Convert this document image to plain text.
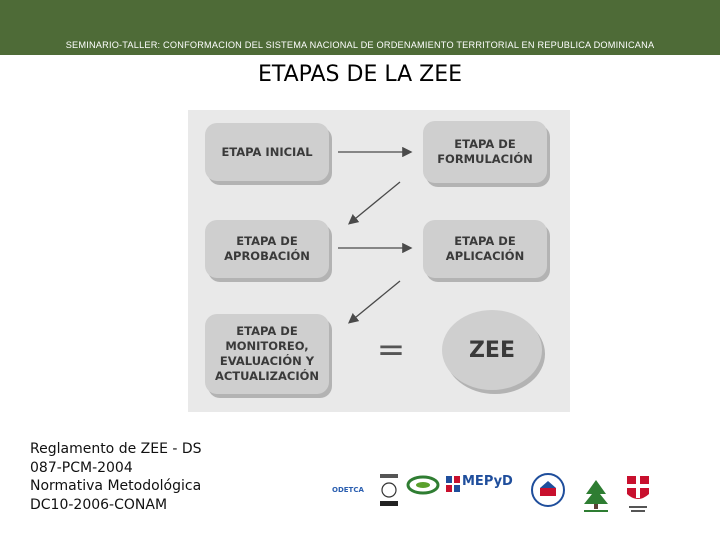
SEMINARIO-TALLER: CONFORMACION DEL SISTEMA NACIONAL DE ORDENAMIENTO TERRITORIAL EN REPUBLICA DOMINICANA
ETAPAS DE LA ZEE
ETAPA INICIAL
ETAPA DE
FORMULACIÓN
ETAPA DE
APROBACIÓN
ETAPA DE
APLICACIÓN
ETAPA DE
MONITOREO,
EVALUACIÓN Y
ACTUALIZACIÓN
=	ZEE
Reglamento de ZEE - DS
087-PCM-2004
Normativa Metodológica
DC10-2006-CONAM
ODETCA
MEPyD
